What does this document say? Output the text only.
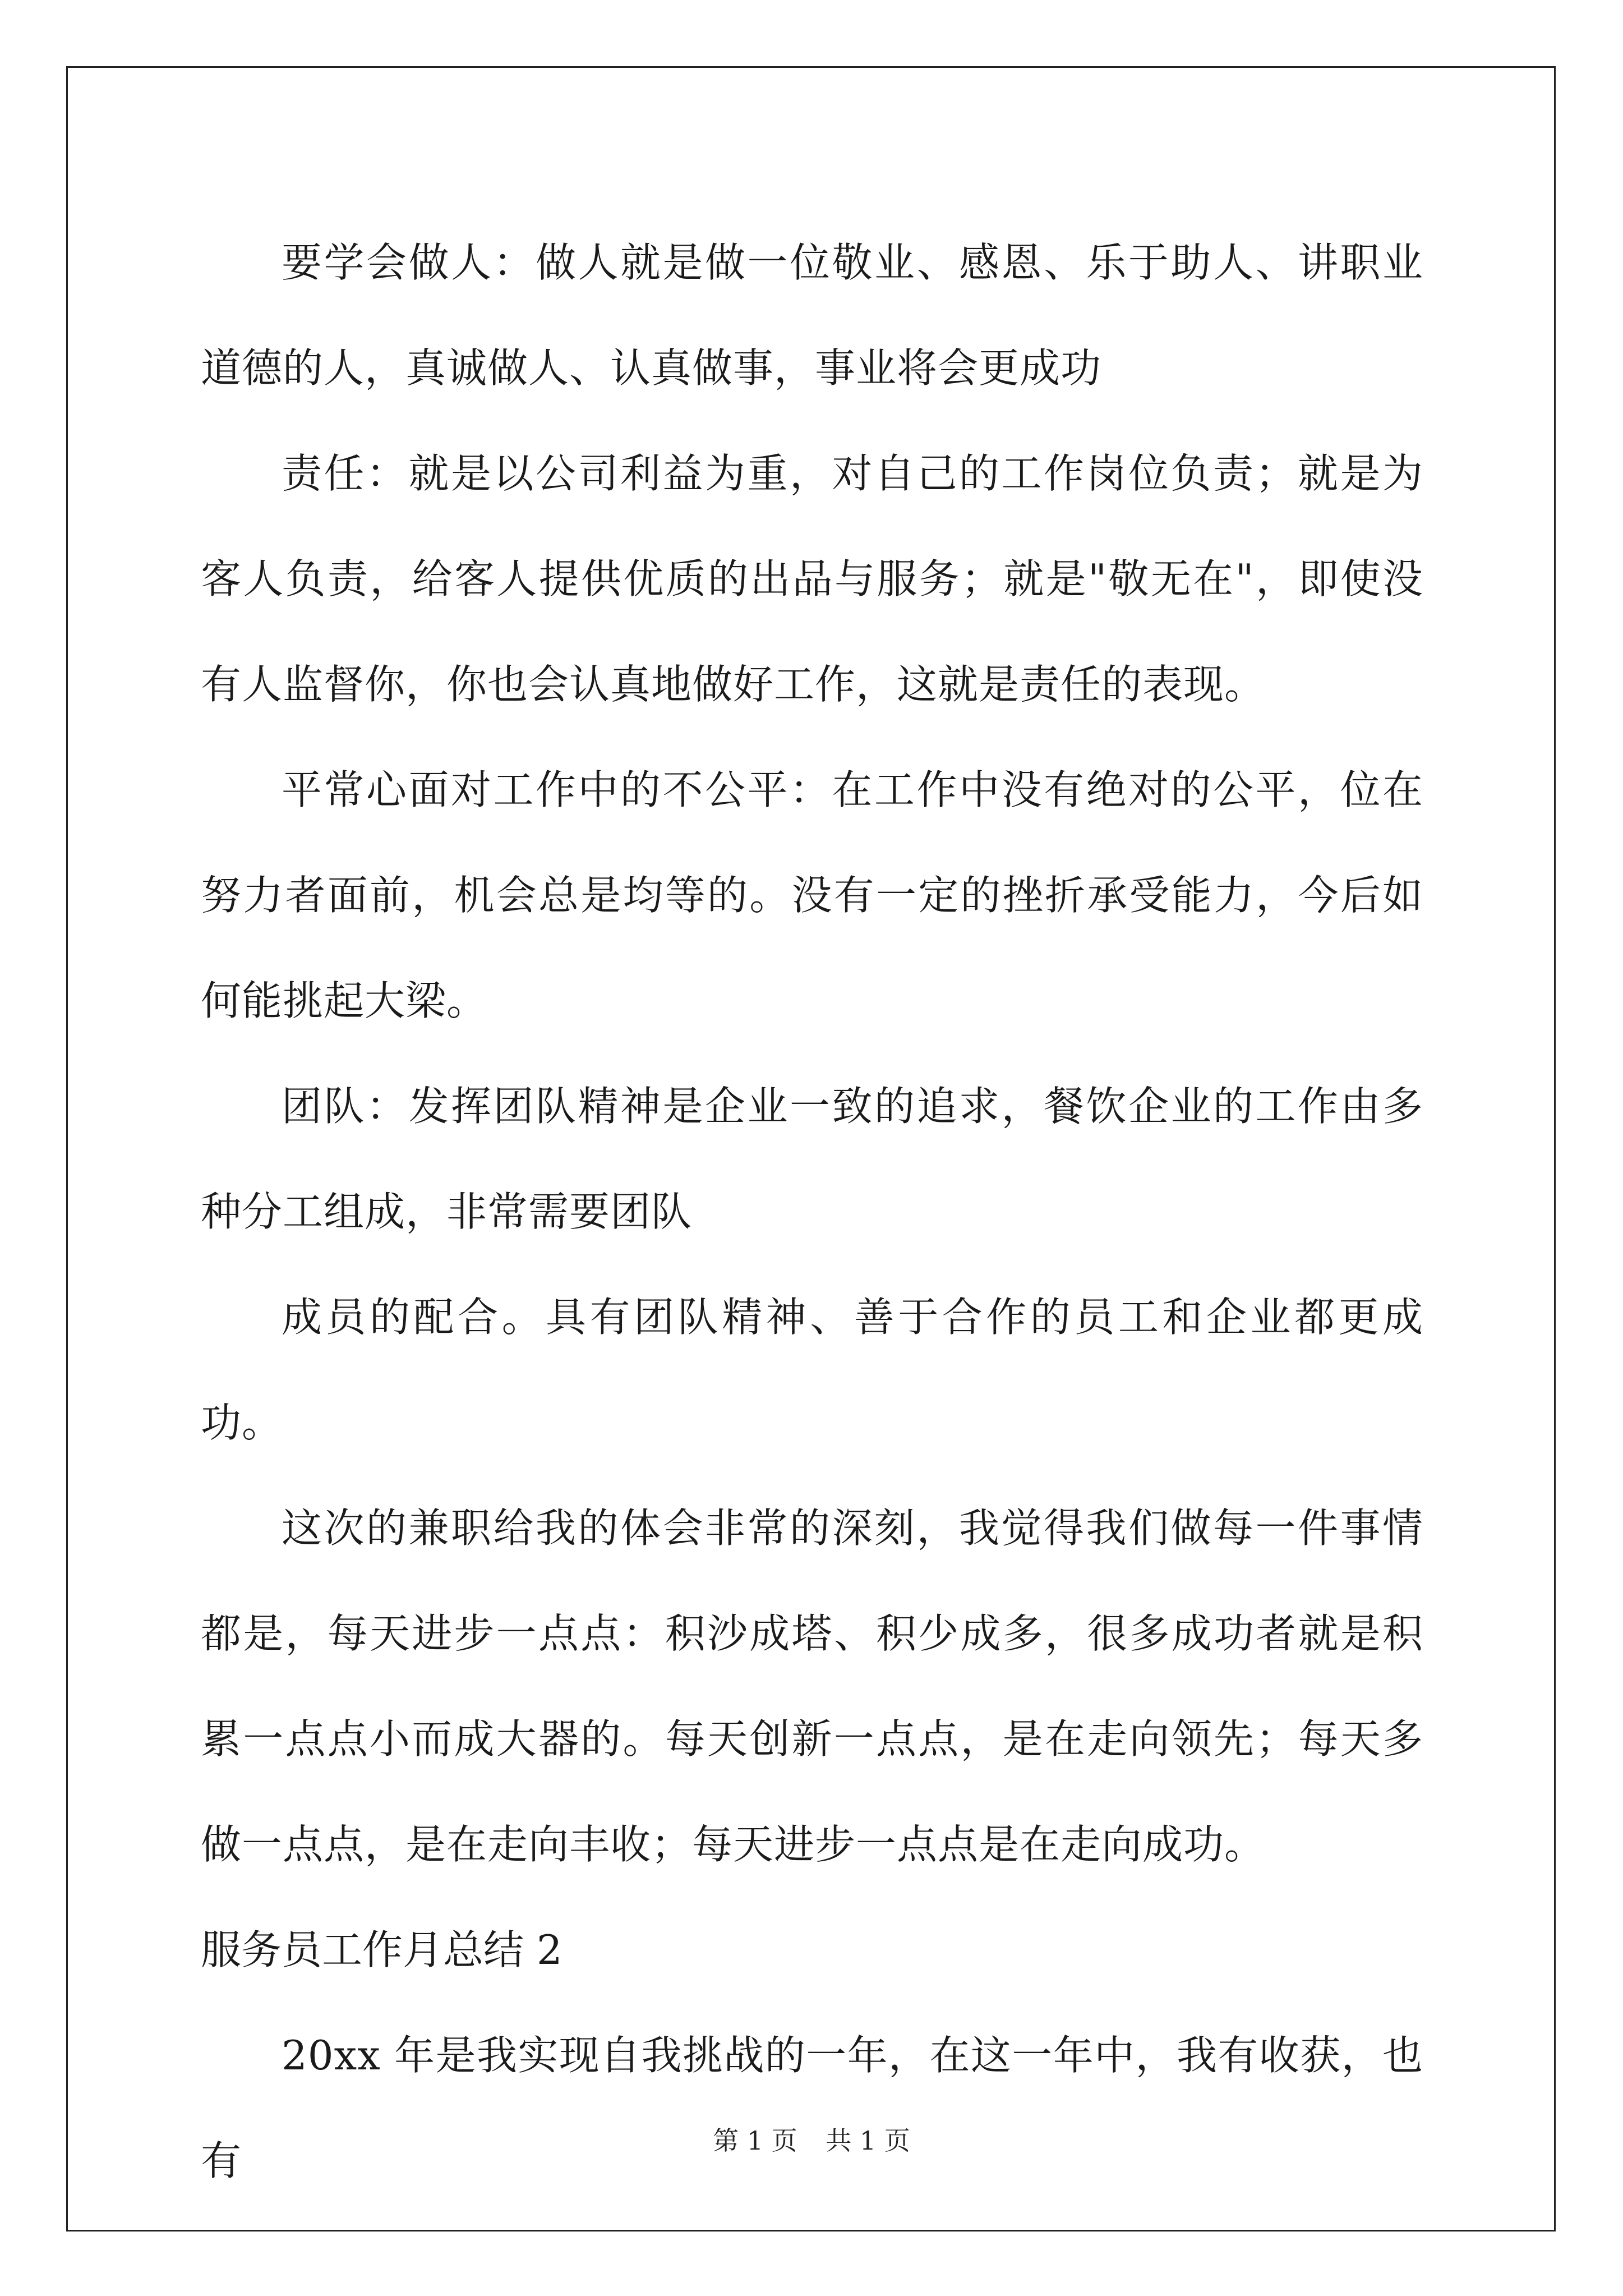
要学会做人：做人就是做一位敬业、感恩、乐于助人、讲职业道德的人，真诚做人、认真做事，事业将会更成功

责任：就是以公司利益为重，对自己的工作岗位负责；就是为客人负责，给客人提供优质的出品与服务；就是"敬无在"，即使没有人监督你，你也会认真地做好工作，这就是责任的表现。

平常心面对工作中的不公平：在工作中没有绝对的公平，位在努力者面前，机会总是均等的。没有一定的挫折承受能力，今后如何能挑起大梁。

团队：发挥团队精神是企业一致的追求，餐饮企业的工作由多种分工组成，非常需要团队

成员的配合。具有团队精神、善于合作的员工和企业都更成功。

这次的兼职给我的体会非常的深刻，我觉得我们做每一件事情都是，每天进步一点点：积沙成塔、积少成多，很多成功者就是积累一点点小而成大器的。每天创新一点点，是在走向领先；每天多做一点点，是在走向丰收；每天进步一点点是在走向成功。

服务员工作月总结 2

20xx 年是我实现自我挑战的一年，在这一年中，我有收获，也有	第 1 页 共 1 页
